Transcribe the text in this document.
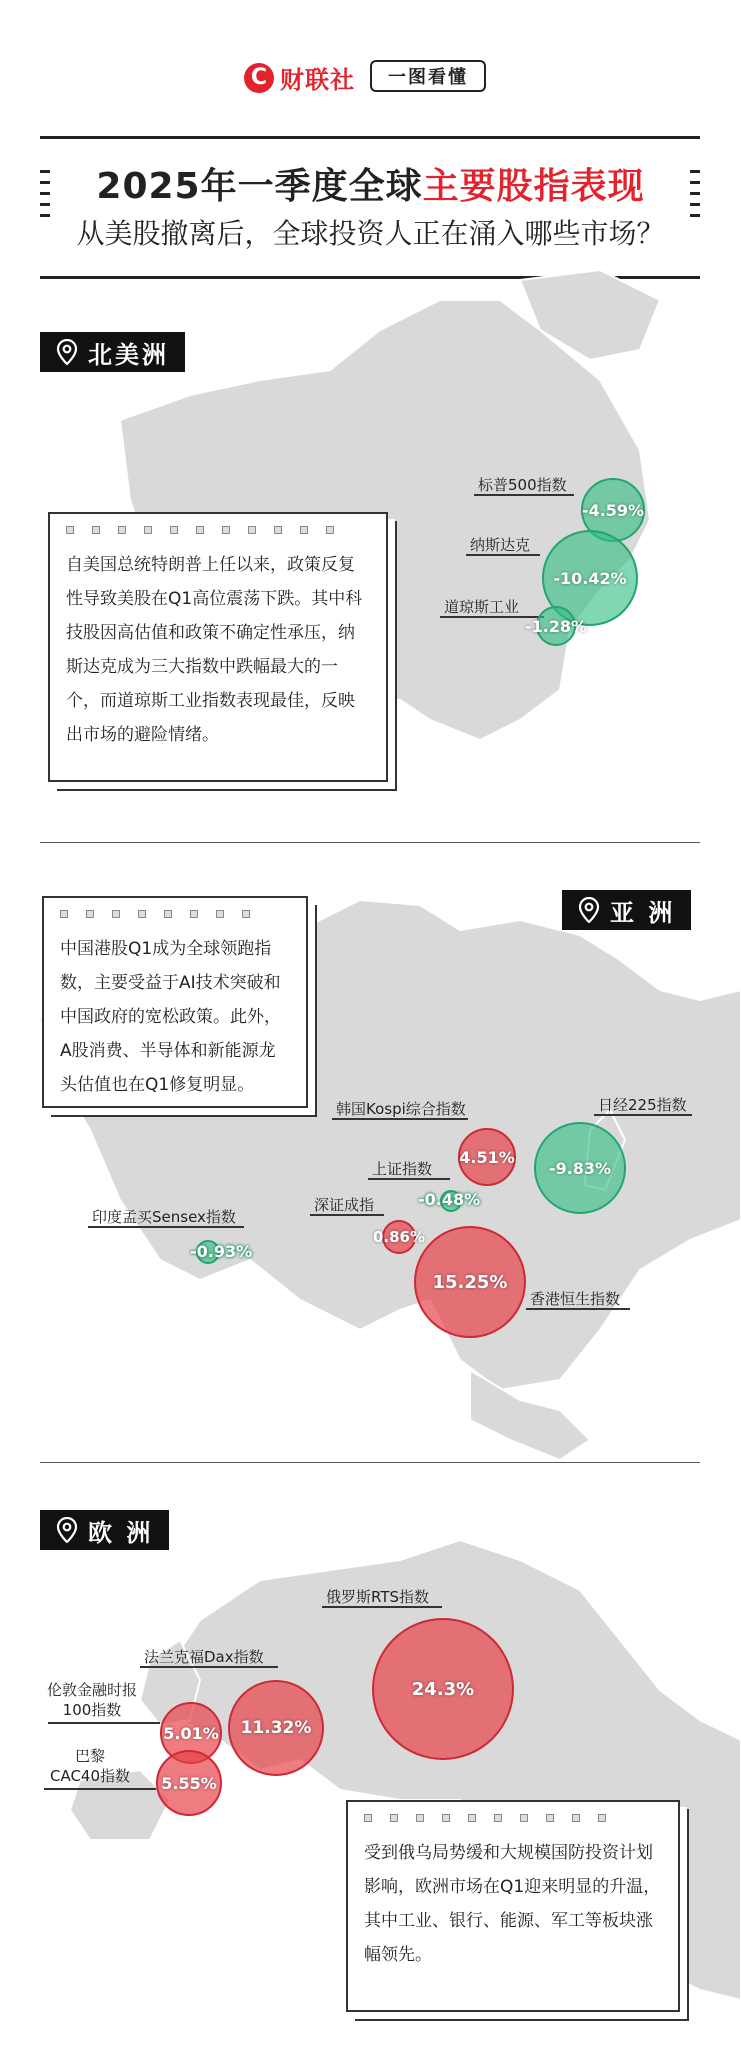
C 财联社	一图看懂
2025年一季度全球主要股指表现
从美股撤离后，全球投资人正在涌入哪些市场？
北美洲
自美国总统特朗普上任以来，政策反复性导致美股在Q1高位震荡下跌。其中科技股因高估值和政策不确定性承压，纳斯达克成为三大指数中跌幅最大的一个，而道琼斯工业指数表现最佳，反映出市场的避险情绪。
标普500指数
-4.59%
纳斯达克
-10.42%
道琼斯工业
-1.28%
亚 洲
中国港股Q1成为全球领跑指数，主要受益于AI技术突破和中国政府的宽松政策。此外，A股消费、半导体和新能源龙头估值也在Q1修复明显。
韩国Kospi综合指数
4.51%
日经225指数
-9.83%
上证指数
-0.48%
深证成指
0.86%
印度孟买Sensex指数
-0.93%
15.25%
香港恒生指数
欧 洲
俄罗斯RTS指数
24.3%
法兰克福Dax指数
11.32%
伦敦金融时报
100指数
5.01%
巴黎
CAC40指数	5.55%
受到俄乌局势缓和大规模国防投资计划影响，欧洲市场在Q1迎来明显的升温，其中工业、银行、能源、军工等板块涨幅领先。
